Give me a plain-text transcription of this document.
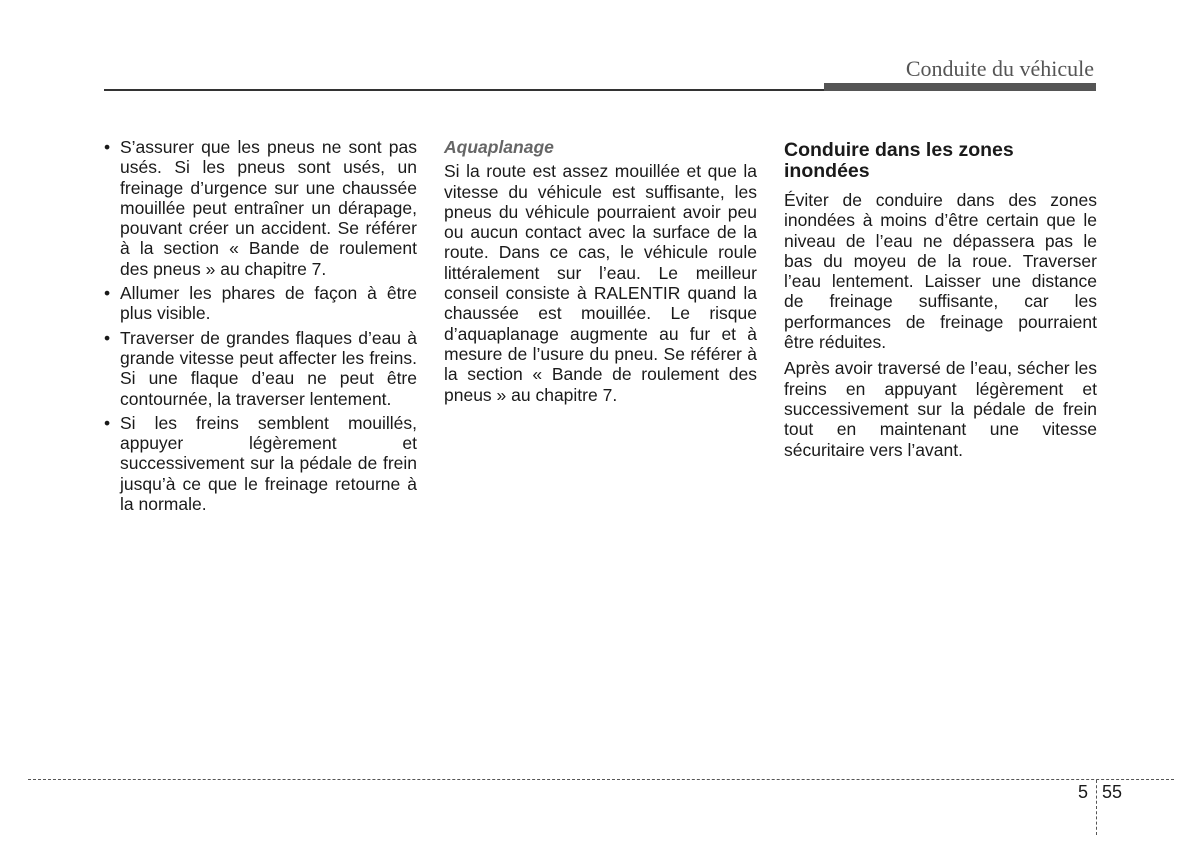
Conduite du véhicule
• S’assurer que les pneus ne sont pas usés. Si les pneus sont usés, un freinage d’urgence sur une chaussée mouillée peut entraîner un dérapage, pouvant créer un accident. Se référer à la section « Bande de roulement des pneus » au chapitre 7.
• Allumer les phares de façon à être plus visible.
• Traverser de grandes flaques d’eau à grande vitesse peut affecter les freins. Si une flaque d’eau ne peut être contournée, la traverser lentement.
• Si les freins semblent mouillés, appuyer légèrement et successivement sur la pédale de frein jusqu’à ce que le freinage retourne à la normale.
Aquaplanage

Si la route est assez mouillée et que la vitesse du véhicule est suffisante, les pneus du véhicule pourraient avoir peu ou aucun contact avec la surface de la route. Dans ce cas, le véhicule roule littéralement sur l’eau. Le meilleur conseil consiste à RALENTIR quand la chaussée est mouillée. Le risque d’aquaplanage augmente au fur et à mesure de l’usure du pneu. Se référer à la section « Bande de roulement des pneus » au chapitre 7.

Conduire dans les zones inondées

Éviter de conduire dans des zones inondées à moins d’être certain que le niveau de l’eau ne dépassera pas le bas du moyeu de la roue. Traverser l’eau lentement. Laisser une distance de freinage suffisante, car les performances de freinage pourraient être réduites.

Après avoir traversé de l’eau, sécher les freins en appuyant légèrement et successivement sur la pédale de frein tout en maintenant une vitesse sécuritaire vers l’avant.

5 55
